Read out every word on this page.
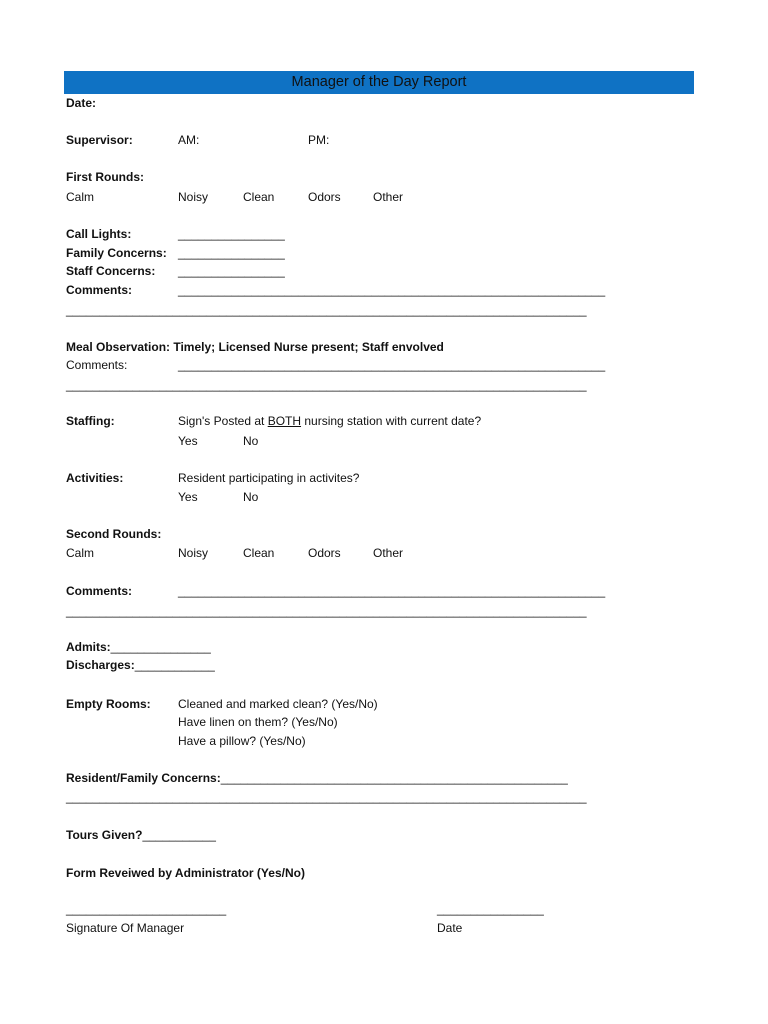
Manager of the Day Report
Date:
Supervisor:	AM:	PM:
First Rounds:
Calm	Noisy	Clean	Odors	Other
Call Lights:	________________
Family Concerns: ________________
Staff Concerns: ________________
Comments:	________________________________________________________________
______________________________________________________________________________
Meal Observation: Timely; Licensed Nurse present; Staff envolved
Comments:	________________________________________________________________
______________________________________________________________________________
Staffing:	Sign's Posted at BOTH nursing station with current date?
Yes	No
Activities:	Resident participating in activites?
Yes	No
Second Rounds:
Calm	Noisy	Clean	Odors	Other
Comments:	________________________________________________________________
______________________________________________________________________________
Admits:_______________
Discharges:____________
Empty Rooms: Cleaned and marked clean? (Yes/No)
Have linen on them? (Yes/No)
Have a pillow? (Yes/No)
Resident/Family Concerns:____________________________________________________
______________________________________________________________________________
Tours Given?___________
Form Reveiwed by Administrator (Yes/No)
________________________
Signature Of Manager
________________
Date
